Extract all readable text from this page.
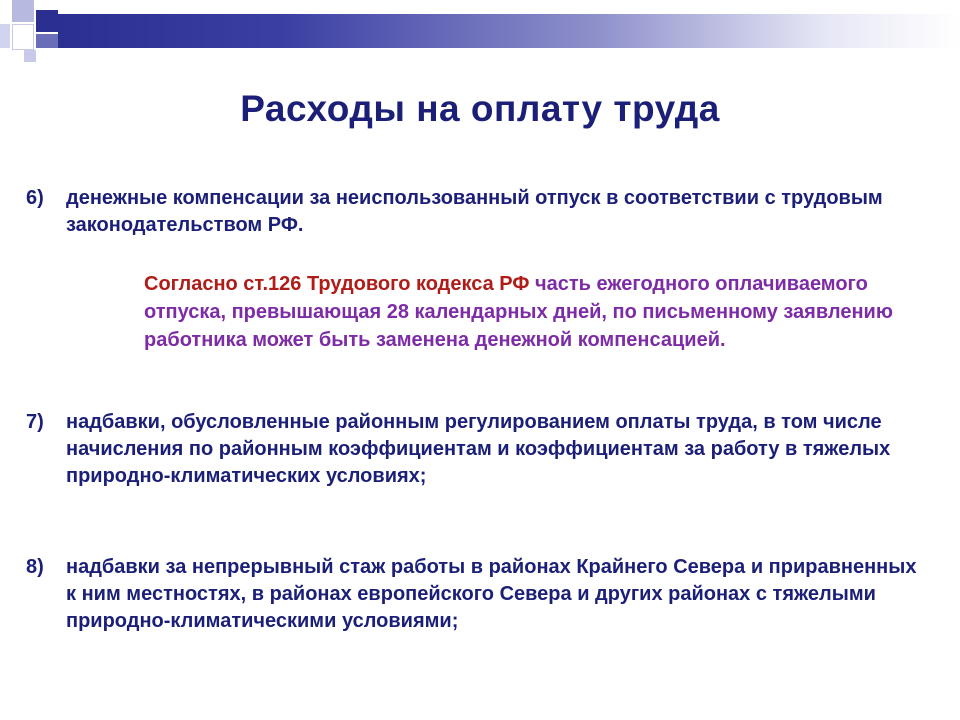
Расходы на оплату труда
6)	денежные компенсации за неиспользованный отпуск в соответствии с трудовым законодательством РФ.
Согласно ст.126 Трудового кодекса РФ часть ежегодного оплачиваемого отпуска, превышающая 28 календарных дней, по письменному заявлению работника может быть заменена денежной компенсацией.
7)	надбавки, обусловленные районным регулированием оплаты труда, в том числе начисления по районным коэффициентам и коэффициентам за работу в тяжелых природно-климатических условиях;
8)	надбавки за непрерывный стаж работы в районах Крайнего Севера и приравненных к ним местностях, в районах европейского Севера и других районах с тяжелыми природно-климатическими условиями;
